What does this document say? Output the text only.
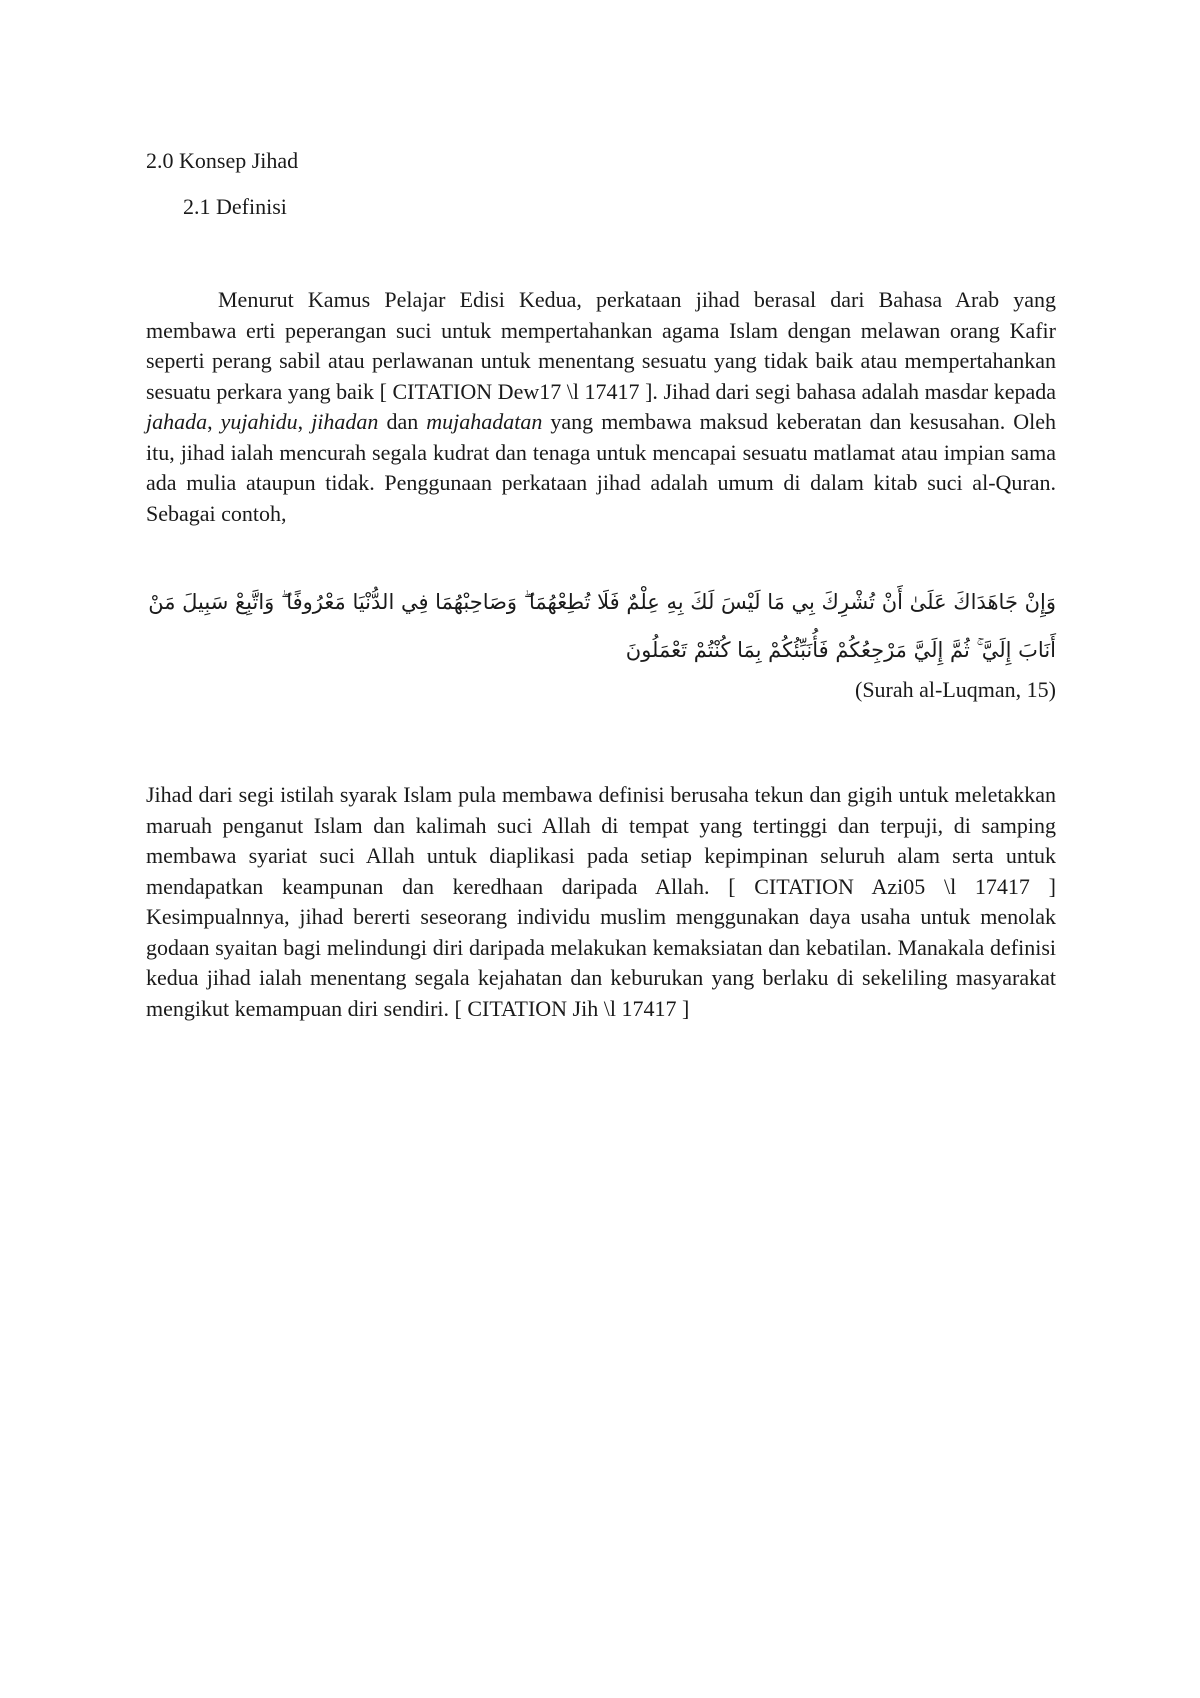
2.0 Konsep Jihad
2.1 Definisi

Menurut Kamus Pelajar Edisi Kedua, perkataan jihad berasal dari Bahasa Arab yang membawa erti peperangan suci untuk mempertahankan agama Islam dengan melawan orang Kafir seperti perang sabil atau perlawanan untuk menentang sesuatu yang tidak baik atau mempertahankan sesuatu perkara yang baik [ CITATION Dew17 \l 17417 ]. Jihad dari segi bahasa adalah masdar kepada jahada, yujahidu, jihadan dan mujahadatan yang membawa maksud keberatan dan kesusahan. Oleh itu, jihad ialah mencurah segala kudrat dan tenaga untuk mencapai sesuatu matlamat atau impian sama ada mulia ataupun tidak. Penggunaan perkataan jihad adalah umum di dalam kitab suci al-Quran. Sebagai contoh,

وَإِنْ جَاهَدَاكَ عَلَىٰ أَنْ تُشْرِكَ بِي مَا لَيْسَ لَكَ بِهِ عِلْمٌ فَلَا تُطِعْهُمَا ۖ وَصَاحِبْهُمَا فِي الدُّنْيَا مَعْرُوفًا ۖ وَاتَّبِعْ سَبِيلَ مَنْ أَنَابَ إِلَيَّ ۚ ثُمَّ إِلَيَّ مَرْجِعُكُمْ فَأُنَبِّئُكُمْ بِمَا كُنْتُمْ تَعْمَلُونَ
(Surah al-Luqman, 15)

Jihad dari segi istilah syarak Islam pula membawa definisi berusaha tekun dan gigih untuk meletakkan maruah penganut Islam dan kalimah suci Allah di tempat yang tertinggi dan terpuji, di samping membawa syariat suci Allah untuk diaplikasi pada setiap kepimpinan seluruh alam serta untuk mendapatkan keampunan dan keredhaan daripada Allah. [ CITATION Azi05 \l 17417 ] Kesimpualnnya, jihad bererti seseorang individu muslim menggunakan daya usaha untuk menolak godaan syaitan bagi melindungi diri daripada melakukan kemaksiatan dan kebatilan. Manakala definisi kedua jihad ialah menentang segala kejahatan dan keburukan yang berlaku di sekeliling masyarakat mengikut kemampuan diri sendiri. [ CITATION Jih \l 17417 ]
